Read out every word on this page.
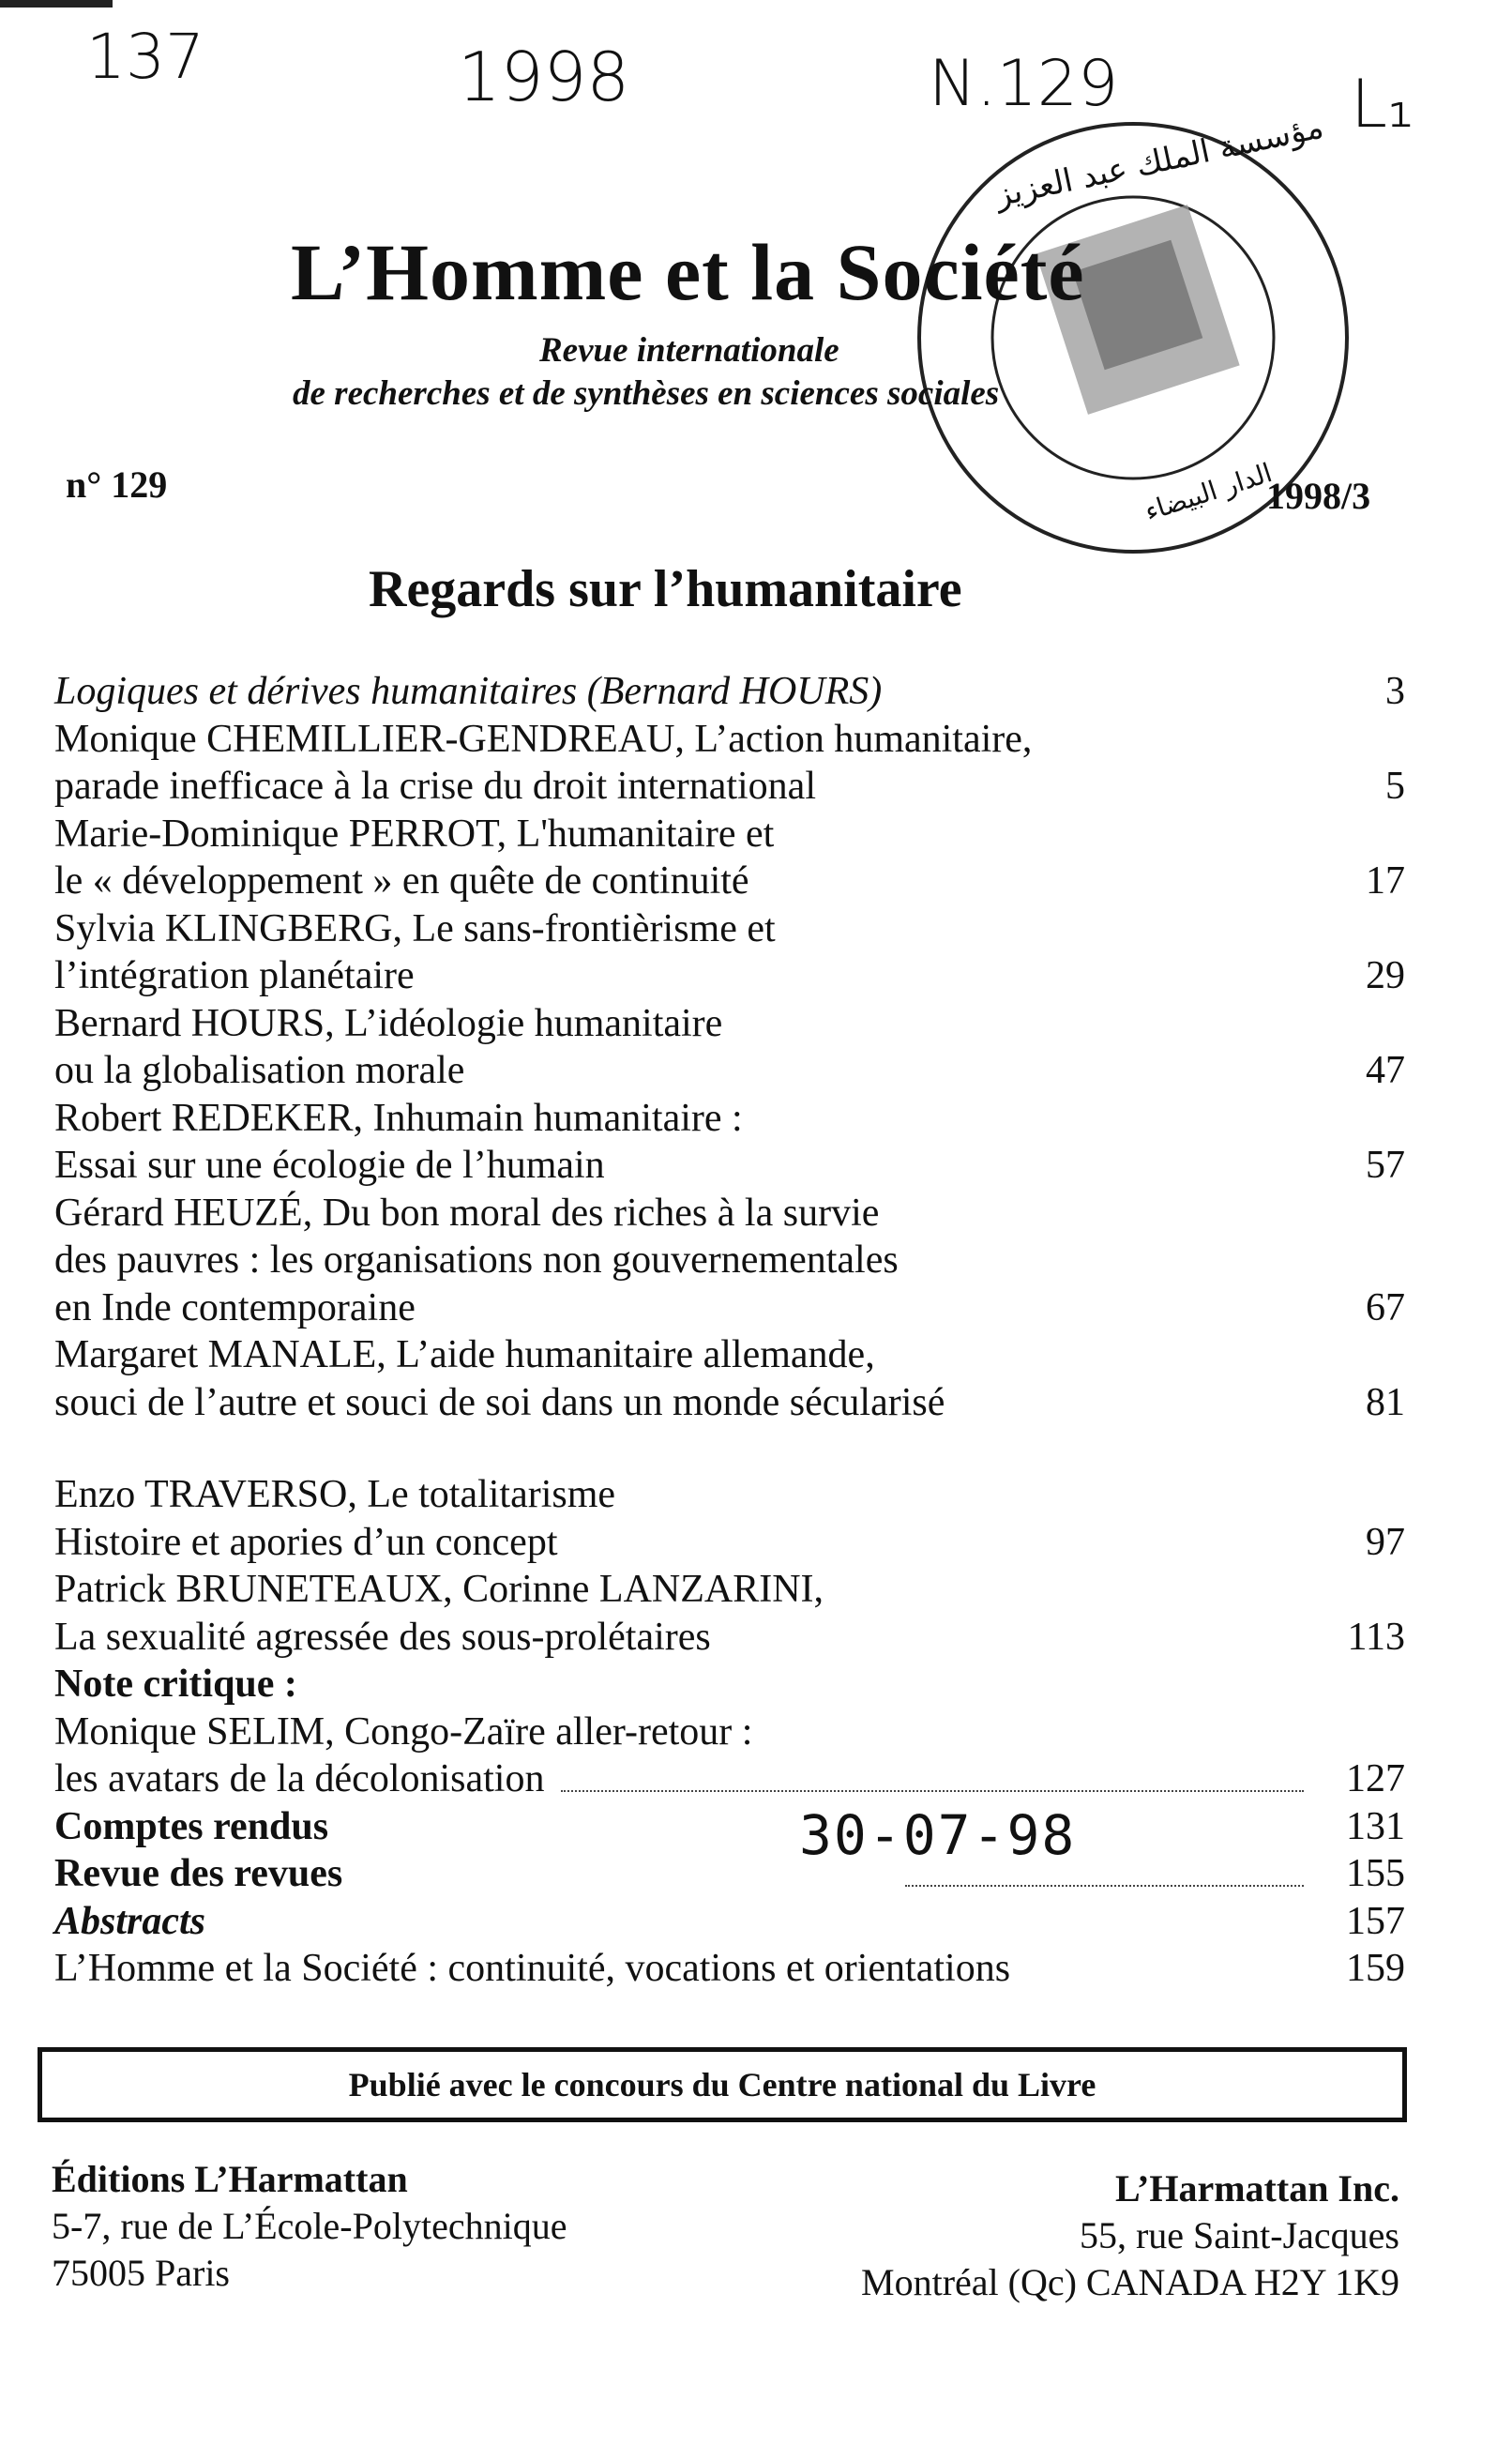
137	1998	N.129	L₁
مؤسسة الملك عبد العزيز
الدار البيضاء
L’Homme et la Société
Revue internationale
de recherches et de synthèses en sciences sociales
n° 129	1998/3
Regards sur l’humanitaire
Logiques et dérives humanitaires (Bernard HOURS)	3
Monique CHEMILLIER-GENDREAU, L’action humanitaire,
parade inefficace à la crise du droit international	5
Marie-Dominique PERROT, L'humanitaire et
le « développement » en quête de continuité	17
Sylvia KLINGBERG, Le sans-frontièrisme et
l’intégration planétaire	29
Bernard HOURS, L’idéologie humanitaire
ou la globalisation morale	47
Robert REDEKER, Inhumain humanitaire :
Essai sur une écologie de l’humain	57
Gérard HEUZÉ, Du bon moral des riches à la survie
des pauvres : les organisations non gouvernementales
en Inde contemporaine	67
Margaret MANALE, L’aide humanitaire allemande,
souci de l’autre et souci de soi dans un monde sécularisé	81
Enzo TRAVERSO, Le totalitarisme
Histoire et apories d’un concept	97
Patrick BRUNETEAUX, Corinne LANZARINI,
La sexualité agressée des sous-prolétaires	113
Note critique :
Monique SELIM, Congo-Zaïre aller-retour :
les avatars de la décolonisation	127
Comptes rendus	131
Revue des revues	155
Abstracts	157
L’Homme et la Société : continuité, vocations et orientations	159
30-07-98
Publié avec le concours du Centre national du Livre
Éditions L’Harmattan
5-7, rue de L’École-Polytechnique
75005 Paris
L’Harmattan Inc.
55, rue Saint-Jacques
Montréal (Qc) CANADA H2Y 1K9
